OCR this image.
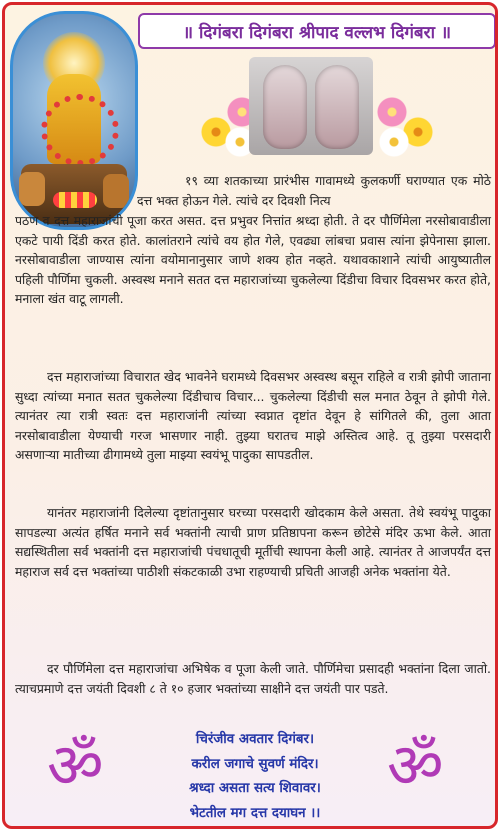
॥ दिगंबरा दिगंबरा श्रीपाद वल्लभ दिगंबरा ॥

१९ व्या शतकाच्या प्रारंभीस गावामध्ये कुलकर्णी घराण्यात एक मोठे दत्त भक्त होऊन गेले. त्यांचे दर दिवशी नित्य

पठण व दत्त महाराजांची पूजा करत असत. दत्त प्रभुवर नित्तांत श्रध्दा होती. ते दर पौर्णिमेला नरसोबावाडीला एकटे पायी दिंडी करत होते. कालांतराने त्यांचे वय होत गेले, एवढ्या लांबचा प्रवास त्यांना झेपेनासा झाला. नरसोबावाडीला जाण्यास त्यांना वयोमानानुसार जाणे शक्य होत नव्हते. यथावकाशाने त्यांची आयुष्यातील पहिली पौर्णिमा चुकली. अस्वस्थ मनाने सतत दत्त महाराजांच्या चुकलेल्या दिंडीचा विचार दिवसभर करत होते, मनाला खंत वाटू लागली.

दत्त महाराजांच्या विचारात खेद भावनेने घरामध्ये दिवसभर अस्वस्थ बसून राहिले व रात्री झोपी जाताना सुध्दा त्यांच्या मनात सतत चुकलेल्या दिंडीचाच विचार... चुकलेल्या दिंडीची सल मनात ठेवून ते झोपी गेले. त्यानंतर त्या रात्री स्वतः दत्त महाराजांनी त्यांच्या स्वप्नात दृष्टांत देवून हे सांगितले की, तुला आता नरसोबावाडीला येण्याची गरज भासणार नाही. तुझ्या घरातच माझे अस्तित्व आहे. तू तुझ्या परसदारी असणाऱ्या मातीच्या ढीगामध्ये तुला माझ्या स्वयंभू पादुका सापडतील.

यानंतर महाराजांनी दिलेल्या दृष्टांतानुसार घरच्या परसदारी खोदकाम केले असता. तेथे स्वयंभू पादुका सापडल्या अत्यंत हर्षित मनाने सर्व भक्तांनी त्याची प्राण प्रतिष्ठापना करून छोटेसे मंदिर ऊभा केले. आता सद्यस्थितीला सर्व भक्तांनी दत्त महाराजांची पंचधातूची मूर्तीची स्थापना केली आहे. त्यानंतर ते आजपर्यंत दत्त महाराज सर्व दत्त भक्तांच्या पाठीशी संकटकाळी उभा राहण्याची प्रचिती आजही अनेक भक्तांना येते.

दर पौर्णिमेला दत्त महाराजांचा अभिषेक व पूजा केली जाते. पौर्णिमेचा प्रसादही भक्तांना दिला जातो. त्याचप्रमाणे दत्त जयंती दिवशी ८ ते १० हजार भक्तांच्या साक्षीने दत्त जयंती पार पडते.

ॐ	ॐ
चिरंजीव अवतार दिगंबर।
करील जगाचे सुवर्ण मंदिर।
श्रध्दा असता सत्य शिवावर।
भेटतील मग दत्त दयाघन ।।
